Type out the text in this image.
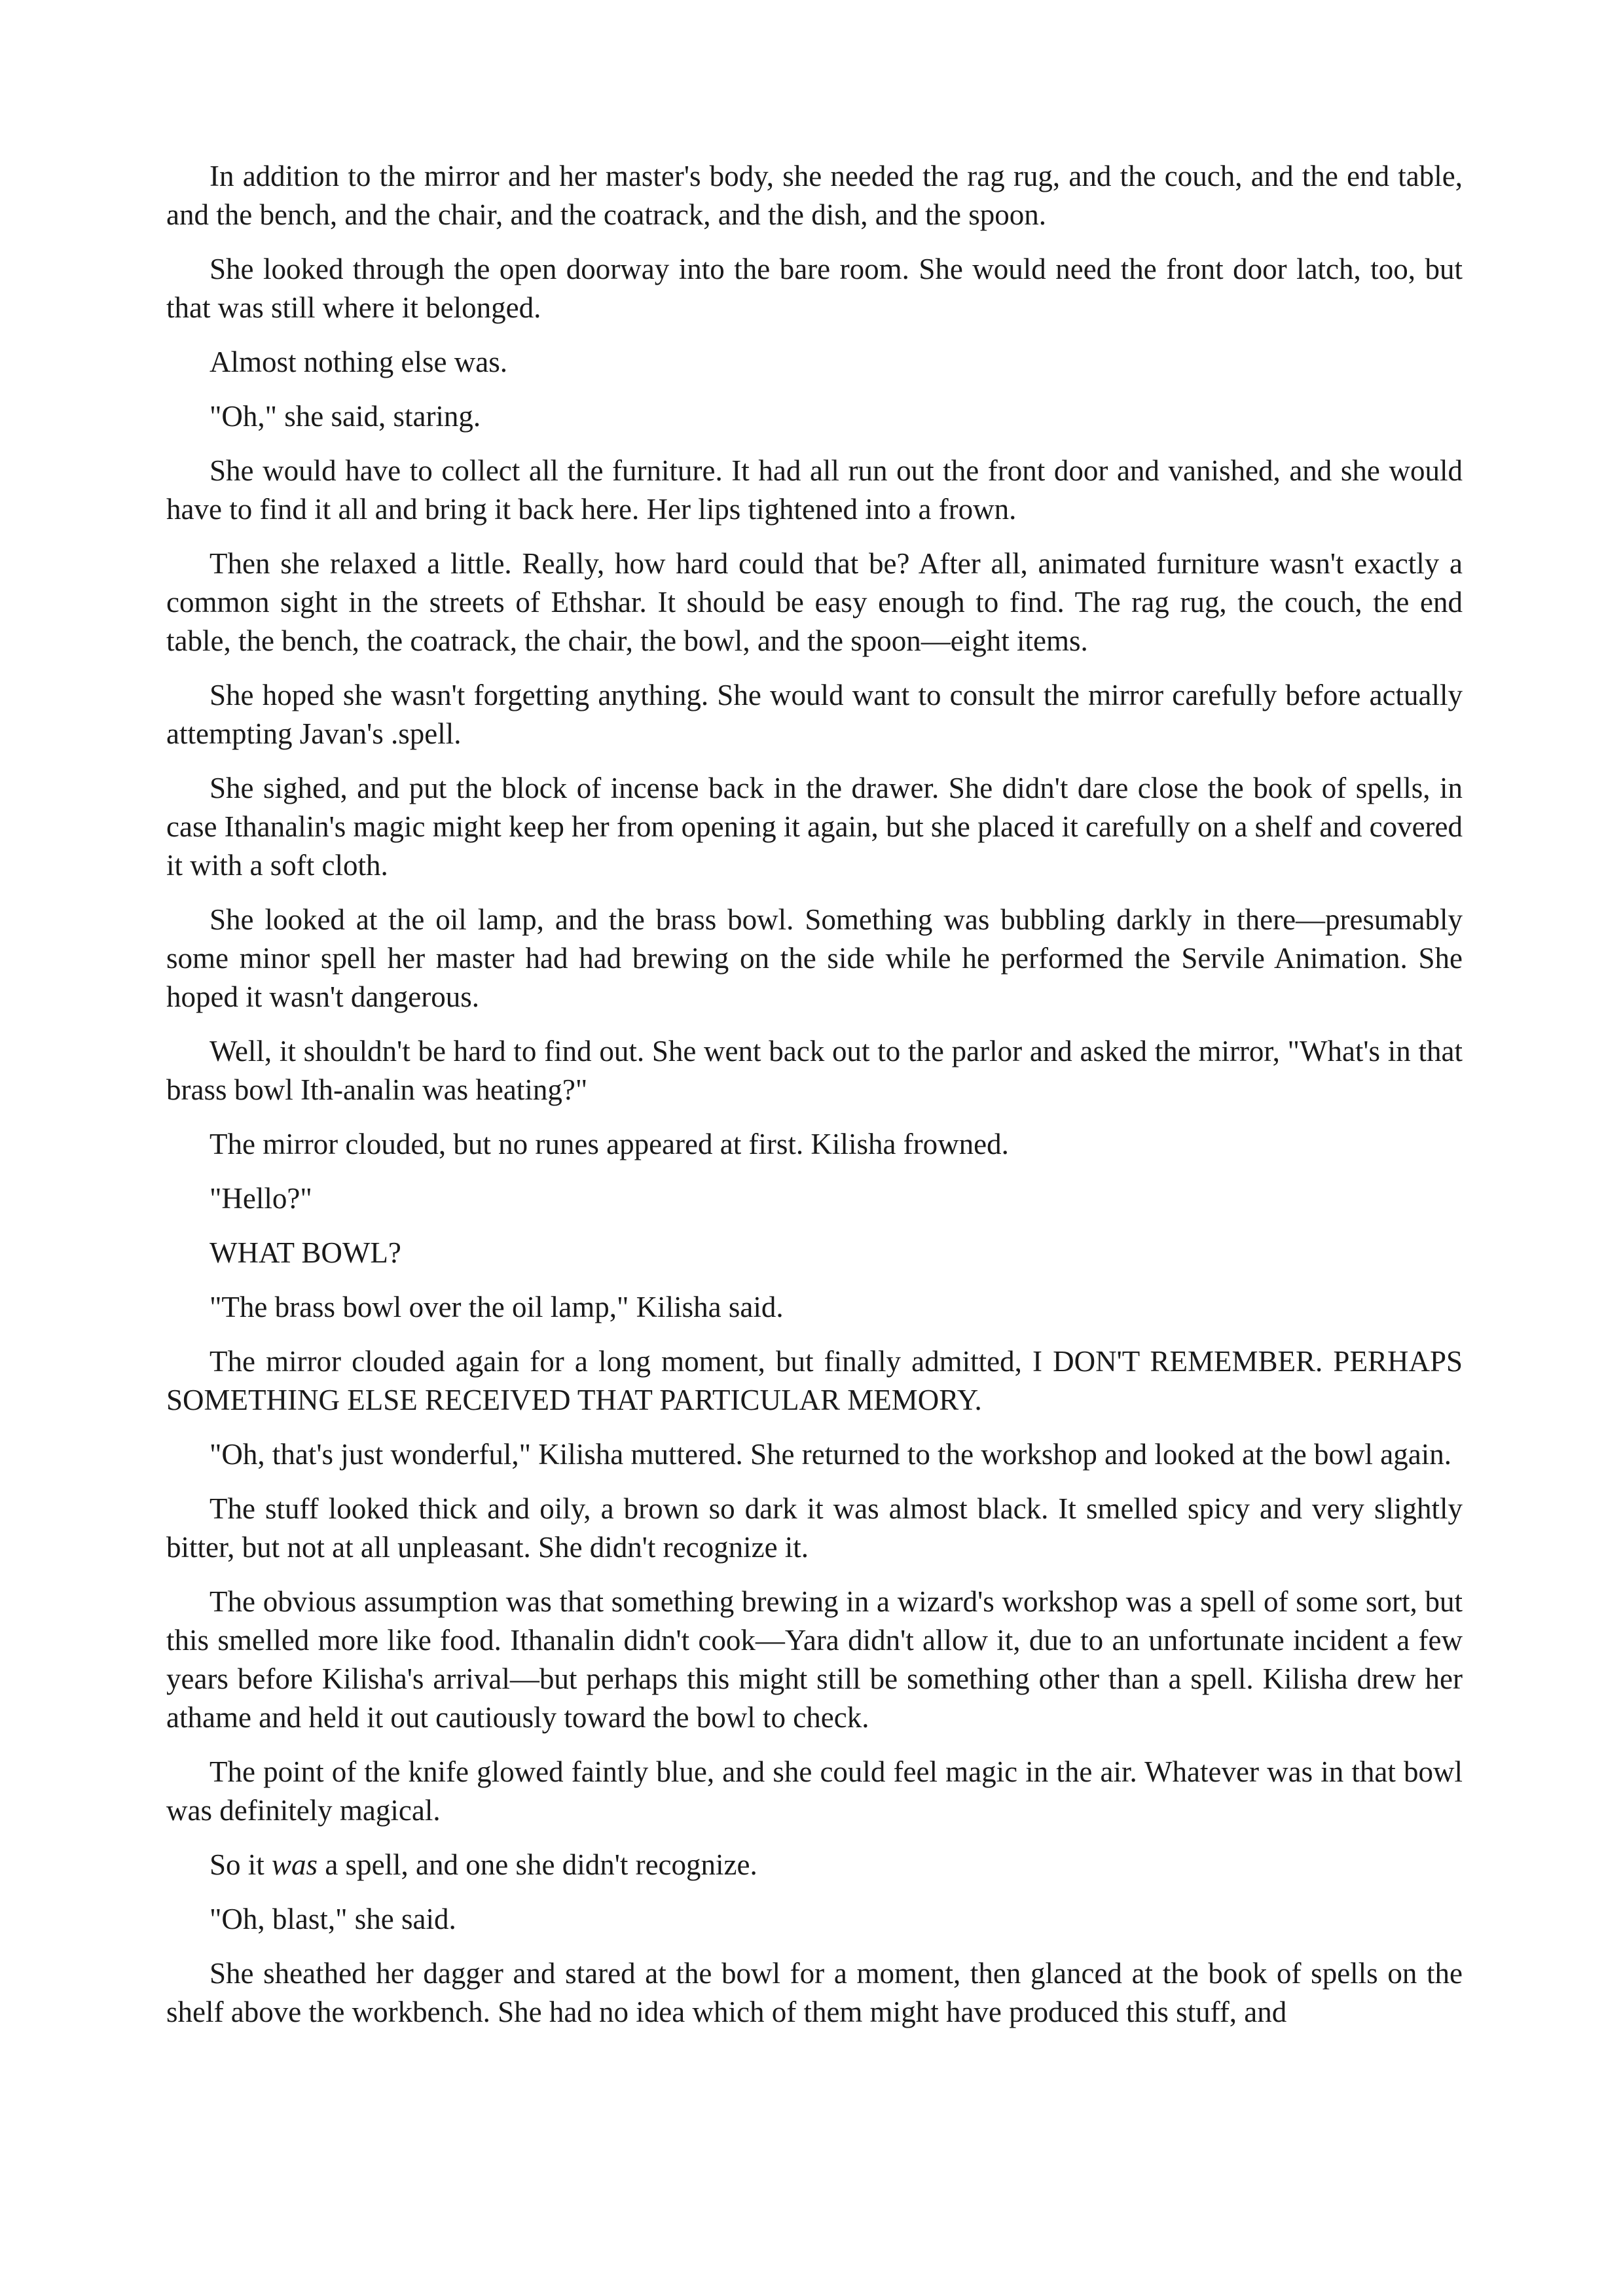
In addition to the mirror and her master's body, she needed the rag rug, and the couch, and the end table, and the bench, and the chair, and the coatrack, and the dish, and the spoon.

She looked through the open doorway into the bare room. She would need the front door latch, too, but that was still where it belonged.

Almost nothing else was.

"Oh," she said, staring.

She would have to collect all the furniture. It had all run out the front door and vanished, and she would have to find it all and bring it back here. Her lips tightened into a frown.

Then she relaxed a little. Really, how hard could that be? After all, animated furniture wasn't exactly a common sight in the streets of Ethshar. It should be easy enough to find. The rag rug, the couch, the end table, the bench, the coatrack, the chair, the bowl, and the spoon—eight items.

She hoped she wasn't forgetting anything. She would want to consult the mirror carefully before actually attempting Javan's .spell.

She sighed, and put the block of incense back in the drawer. She didn't dare close the book of spells, in case Ithanalin's magic might keep her from opening it again, but she placed it carefully on a shelf and covered it with a soft cloth.

She looked at the oil lamp, and the brass bowl. Something was bubbling darkly in there—presumably some minor spell her master had had brewing on the side while he performed the Servile Animation. She hoped it wasn't dangerous.

Well, it shouldn't be hard to find out. She went back out to the parlor and asked the mirror, "What's in that brass bowl Ith-analin was heating?"

The mirror clouded, but no runes appeared at first. Kilisha frowned.

"Hello?"

WHAT BOWL?

"The brass bowl over the oil lamp," Kilisha said.

The mirror clouded again for a long moment, but finally admitted, I DON'T REMEMBER. PERHAPS SOMETHING ELSE RECEIVED THAT PARTICULAR MEMORY.

"Oh, that's just wonderful," Kilisha muttered. She returned to the workshop and looked at the bowl again.

The stuff looked thick and oily, a brown so dark it was almost black. It smelled spicy and very slightly bitter, but not at all unpleasant. She didn't recognize it.

The obvious assumption was that something brewing in a wizard's workshop was a spell of some sort, but this smelled more like food. Ithanalin didn't cook—Yara didn't allow it, due to an unfortunate incident a few years before Kilisha's arrival—but perhaps this might still be something other than a spell. Kilisha drew her athame and held it out cautiously toward the bowl to check.

The point of the knife glowed faintly blue, and she could feel magic in the air. Whatever was in that bowl was definitely magical.

So it was a spell, and one she didn't recognize.

"Oh, blast," she said.

She sheathed her dagger and stared at the bowl for a moment, then glanced at the book of spells on the shelf above the workbench. She had no idea which of them might have produced this stuff, and
